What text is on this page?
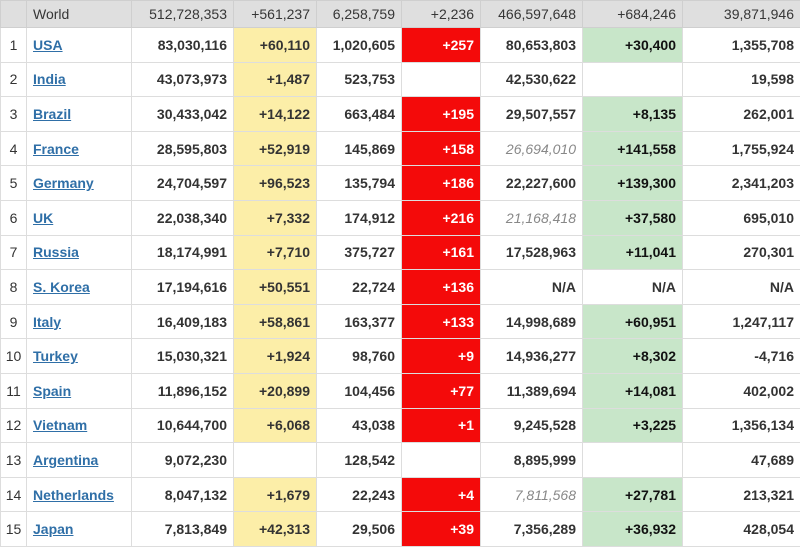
	World	512,728,353	+561,237	6,258,759	+2,236	466,597,648	+684,246	39,871,946
1	USA	83,030,116	+60,110	1,020,605	+257	80,653,803	+30,400	1,355,708
2	India	43,073,973	+1,487	523,753		42,530,622		19,598
3	Brazil	30,433,042	+14,122	663,484	+195	29,507,557	+8,135	262,001
4	France	28,595,803	+52,919	145,869	+158	26,694,010	+141,558	1,755,924
5	Germany	24,704,597	+96,523	135,794	+186	22,227,600	+139,300	2,341,203
6	UK	22,038,340	+7,332	174,912	+216	21,168,418	+37,580	695,010
7	Russia	18,174,991	+7,710	375,727	+161	17,528,963	+11,041	270,301
8	S. Korea	17,194,616	+50,551	22,724	+136	N/A	N/A	N/A
9	Italy	16,409,183	+58,861	163,377	+133	14,998,689	+60,951	1,247,117
10	Turkey	15,030,321	+1,924	98,760	+9	14,936,277	+8,302	-4,716
11	Spain	11,896,152	+20,899	104,456	+77	11,389,694	+14,081	402,002
12	Vietnam	10,644,700	+6,068	43,038	+1	9,245,528	+3,225	1,356,134
13	Argentina	9,072,230		128,542		8,895,999		47,689
14	Netherlands	8,047,132	+1,679	22,243	+4	7,811,568	+27,781	213,321
15	Japan	7,813,849	+42,313	29,506	+39	7,356,289	+36,932	428,054
